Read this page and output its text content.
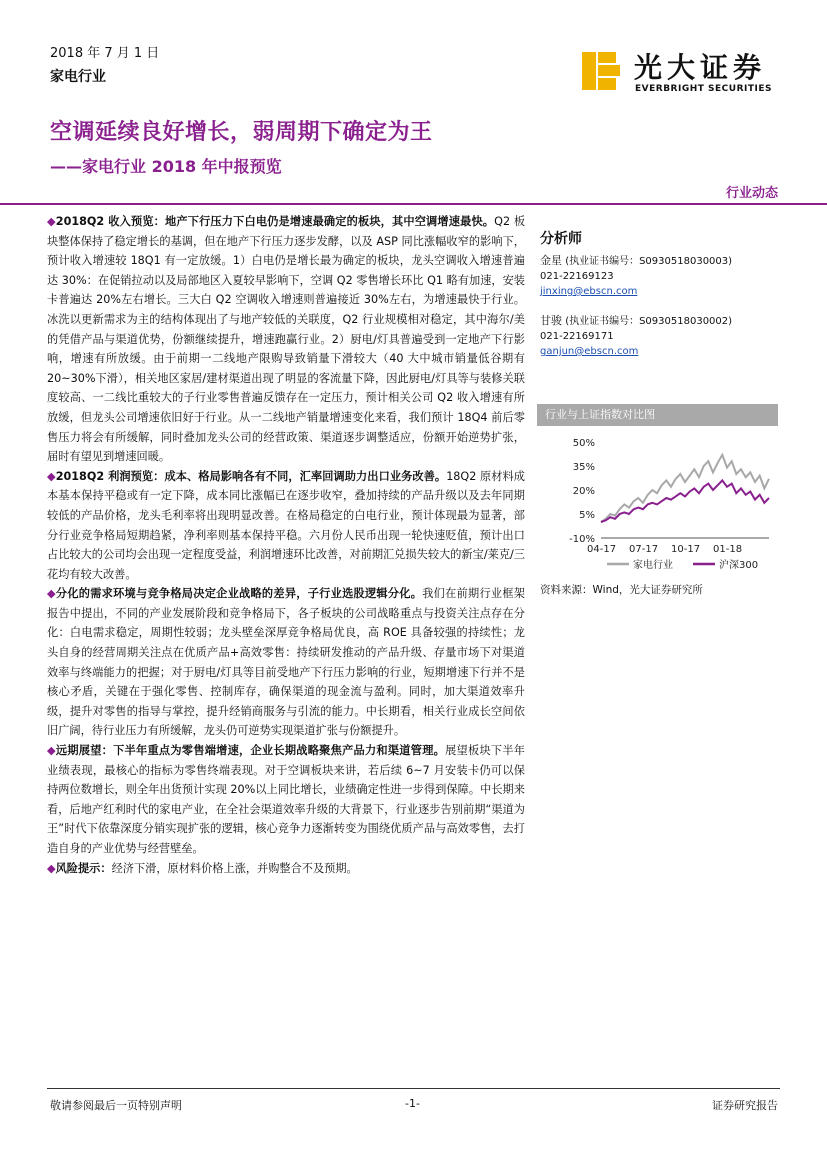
2018 年 7 月 1 日
家电行业	光大证券
EVERBRIGHT SECURITIES
空调延续良好增长，弱周期下确定为王
——家电行业 2018 年中报预览
行业动态

◆2018Q2 收入预览：地产下行压力下白电仍是增速最确定的板块，其中空调增速最快。Q2 板块整体保持了稳定增长的基调，但在地产下行压力逐步发酵，以及 ASP 同比涨幅收窄的影响下，预计收入增速较 18Q1 有一定放缓。1）白电仍是增长最为确定的板块，龙头空调收入增速普遍达 30%：在促销拉动以及局部地区入夏较早影响下，空调 Q2 零售增长环比 Q1 略有加速，安装卡普遍达 20%左右增长。三大白 Q2 空调收入增速则普遍接近 30%左右，为增速最快于行业。冰洗以更新需求为主的结构体现出了与地产较低的关联度，Q2 行业规模相对稳定，其中海尔/美的凭借产品与渠道优势，份额继续提升，增速跑赢行业。2）厨电/灯具普遍受到一定地产下行影响，增速有所放缓。由于前期一二线地产限购导致销量下滑较大（40 大中城市销量低谷期有 20~30%下滑），相关地区家居/建材渠道出现了明显的客流量下降，因此厨电/灯具等与装修关联度较高、一二线比重较大的子行业零售普遍反馈存在一定压力，预计相关公司 Q2 收入增速有所放缓，但龙头公司增速依旧好于行业。从一二线地产销量增速变化来看，我们预计 18Q4 前后零售压力将会有所缓解，同时叠加龙头公司的经营政策、渠道逐步调整适应，份额开始逆势扩张，届时有望见到增速回暖。

◆2018Q2 利润预览：成本、格局影响各有不同，汇率回调助力出口业务改善。18Q2 原材料成本基本保持平稳或有一定下降，成本同比涨幅已在逐步收窄，叠加持续的产品升级以及去年同期较低的产品价格，龙头毛利率将出现明显改善。在格局稳定的白电行业，预计体现最为显著，部分行业竞争格局短期趋紧，净利率则基本保持平稳。六月份人民币出现一轮快速贬值，预计出口占比较大的公司均会出现一定程度受益，利润增速环比改善，对前期汇兑损失较大的新宝/莱克/三花均有较大改善。

◆分化的需求环境与竞争格局决定企业战略的差异，子行业选股逻辑分化。我们在前期行业框架报告中提出，不同的产业发展阶段和竞争格局下，各子板块的公司战略重点与投资关注点存在分化：白电需求稳定，周期性较弱；龙头壁垒深厚竞争格局优良，高 ROE 具备较强的持续性；龙头自身的经营周期关注点在优质产品+高效零售：持续研发推动的产品升级、存量市场下对渠道效率与终端能力的把握；对于厨电/灯具等目前受地产下行压力影响的行业，短期增速下行并不是核心矛盾，关键在于强化零售、控制库存，确保渠道的现金流与盈利。同时，加大渠道效率升级，提升对零售的指导与掌控，提升经销商服务与引流的能力。中长期看，相关行业成长空间依旧广阔，待行业压力有所缓解，龙头仍可逆势实现渠道扩张与份额提升。

◆远期展望：下半年重点为零售端增速，企业长期战略聚焦产品力和渠道管理。展望板块下半年业绩表现，最核心的指标为零售终端表现。对于空调板块来讲，若后续 6~7 月安装卡仍可以保持两位数增长，则全年出货预计实现 20%以上同比增长，业绩确定性进一步得到保障。中长期来看，后地产红利时代的家电产业，在全社会渠道效率升级的大背景下，行业逐步告别前期“渠道为王”时代下依靠深度分销实现扩张的逻辑，核心竞争力逐渐转变为围绕优质产品与高效零售，去打造自身的产业优势与经营壁垒。

◆风险提示：经济下滑，原材料价格上涨，并购整合不及预期。

分析师
金星 (执业证书编号：S0930518030003)
021-22169123
jinxing@ebscn.com
甘骏 (执业证书编号：S0930518030002)
021-22169171
ganjun@ebscn.com
行业与上证指数对比图
50%
35%
20%
5%
-10%
04-17 07-17 10-17 01-18
家电行业	沪深300
资料来源：Wind，光大证券研究所
敬请参阅最后一页特别声明	-1-	证券研究报告
